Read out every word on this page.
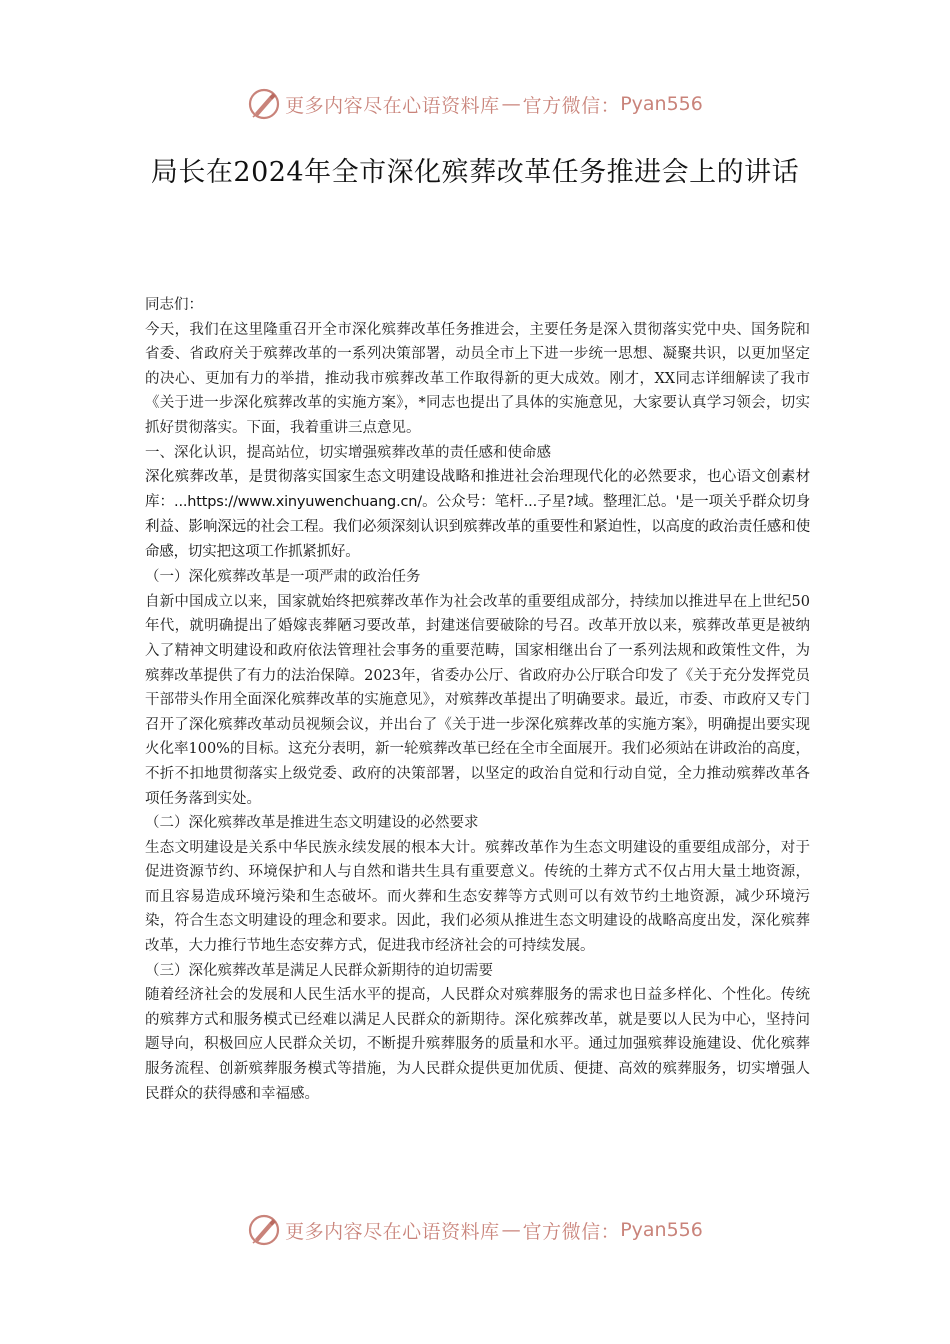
更多内容尽在心语资料库 — 官方微信： Pyan556
局长在2024年全市深化殡葬改革任务推进会上的讲话

同志们：

今天，我们在这里隆重召开全市深化殡葬改革任务推进会，主要任务是深入贯彻落实党中央、国务院和省委、省政府关于殡葬改革的一系列决策部署，动员全市上下进一步统一思想、凝聚共识，以更加坚定的决心、更加有力的举措，推动我市殡葬改革工作取得新的更大成效。刚才，XX同志详细解读了我市《关于进一步深化殡葬改革的实施方案》，*同志也提出了具体的实施意见，大家要认真学习领会，切实抓好贯彻落实。下面，我着重讲三点意见。

一、深化认识，提高站位，切实增强殡葬改革的责任感和使命感

深化殡葬改革，是贯彻落实国家生态文明建设战略和推进社会治理现代化的必然要求，也心语文创素材库：...https://www.xinyuwenchuang.cn/。公众号：笔杆...子星?域。整理汇总。'是一项关乎群众切身利益、影响深远的社会工程。我们必须深刻认识到殡葬改革的重要性和紧迫性，以高度的政治责任感和使命感，切实把这项工作抓紧抓好。

（一）深化殡葬改革是一项严肃的政治任务

自新中国成立以来，国家就始终把殡葬改革作为社会改革的重要组成部分，持续加以推进早在上世纪50年代，就明确提出了婚嫁丧葬陋习要改革，封建迷信要破除的号召。改革开放以来，殡葬改革更是被纳入了精神文明建设和政府依法管理社会事务的重要范畴，国家相继出台了一系列法规和政策性文件，为殡葬改革提供了有力的法治保障。2023年，省委办公厅、省政府办公厅联合印发了《关于充分发挥党员干部带头作用全面深化殡葬改革的实施意见》，对殡葬改革提出了明确要求。最近，市委、市政府又专门召开了深化殡葬改革动员视频会议，并出台了《关于进一步深化殡葬改革的实施方案》，明确提出要实现火化率100%的目标。这充分表明，新一轮殡葬改革已经在全市全面展开。我们必须站在讲政治的高度，不折不扣地贯彻落实上级党委、政府的决策部署，以坚定的政治自觉和行动自觉，全力推动殡葬改革各项任务落到实处。

（二）深化殡葬改革是推进生态文明建设的必然要求

生态文明建设是关系中华民族永续发展的根本大计。殡葬改革作为生态文明建设的重要组成部分，对于促进资源节约、环境保护和人与自然和谐共生具有重要意义。传统的土葬方式不仅占用大量土地资源，而且容易造成环境污染和生态破坏。而火葬和生态安葬等方式则可以有效节约土地资源，减少环境污染，符合生态文明建设的理念和要求。因此，我们必须从推进生态文明建设的战略高度出发，深化殡葬改革，大力推行节地生态安葬方式，促进我市经济社会的可持续发展。

（三）深化殡葬改革是满足人民群众新期待的迫切需要

随着经济社会的发展和人民生活水平的提高，人民群众对殡葬服务的需求也日益多样化、个性化。传统的殡葬方式和服务模式已经难以满足人民群众的新期待。深化殡葬改革，就是要以人民为中心，坚持问题导向，积极回应人民群众关切，不断提升殡葬服务的质量和水平。通过加强殡葬设施建设、优化殡葬服务流程、创新殡葬服务模式等措施，为人民群众提供更加优质、便捷、高效的殡葬服务，切实增强人民群众的获得感和幸福感。

更多内容尽在心语资料库 — 官方微信： Pyan556
